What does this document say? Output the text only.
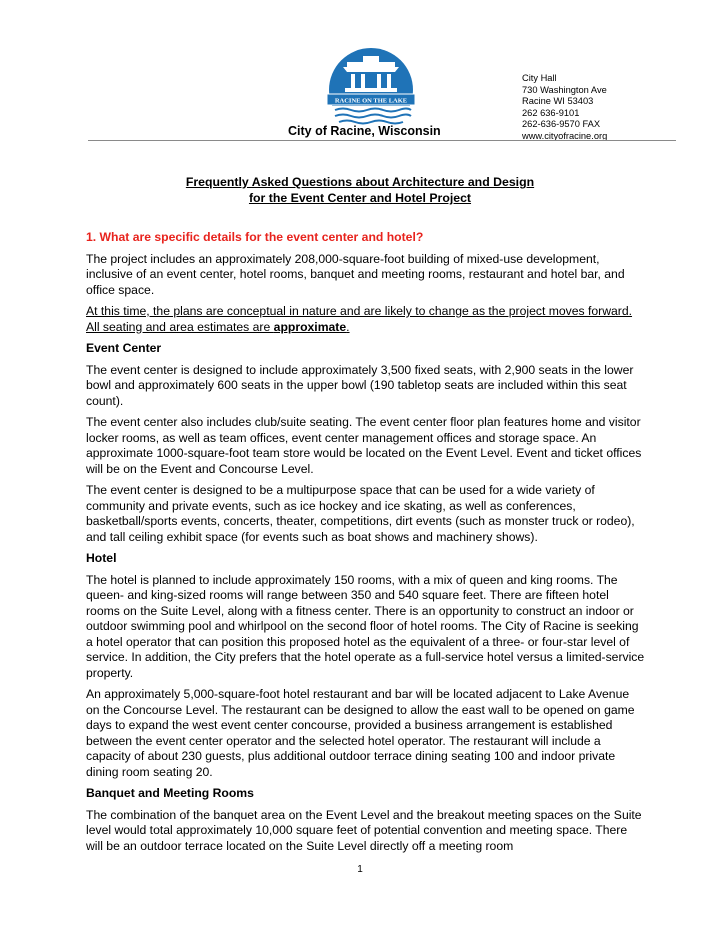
RACINE ON THE LAKE
City of Racine, Wisconsin
City Hall
730 Washington Ave
Racine WI 53403
262 636-9101
262-636-9570 FAX
www.cityofracine.org
Frequently Asked Questions about Architecture and Design
for the Event Center and Hotel Project

1. What are specific details for the event center and hotel?

The project includes an approximately 208,000-square-foot building of mixed-use development, inclusive of an event center, hotel rooms, banquet and meeting rooms, restaurant and hotel bar, and office space.

At this time, the plans are conceptual in nature and are likely to change as the project moves forward. All seating and area estimates are approximate.

Event Center

The event center is designed to include approximately 3,500 fixed seats, with 2,900 seats in the lower bowl and approximately 600 seats in the upper bowl (190 tabletop seats are included within this seat count).

The event center also includes club/suite seating. The event center floor plan features home and visitor locker rooms, as well as team offices, event center management offices and storage space. An approximate 1000-square-foot team store would be located on the Event Level. Event and ticket offices will be on the Event and Concourse Level.

The event center is designed to be a multipurpose space that can be used for a wide variety of community and private events, such as ice hockey and ice skating, as well as conferences, basketball/sports events, concerts, theater, competitions, dirt events (such as monster truck or rodeo), and tall ceiling exhibit space (for events such as boat shows and machinery shows).

Hotel

The hotel is planned to include approximately 150 rooms, with a mix of queen and king rooms. The queen- and king-sized rooms will range between 350 and 540 square feet. There are fifteen hotel rooms on the Suite Level, along with a fitness center. There is an opportunity to construct an indoor or outdoor swimming pool and whirlpool on the second floor of hotel rooms. The City of Racine is seeking a hotel operator that can position this proposed hotel as the equivalent of a three- or four-star level of service. In addition, the City prefers that the hotel operate as a full-service hotel versus a limited-service property.

An approximately 5,000-square-foot hotel restaurant and bar will be located adjacent to Lake Avenue on the Concourse Level. The restaurant can be designed to allow the east wall to be opened on game days to expand the west event center concourse, provided a business arrangement is established between the event center operator and the selected hotel operator. The restaurant will include a capacity of about 230 guests, plus additional outdoor terrace dining seating 100 and indoor private dining room seating 20.

Banquet and Meeting Rooms

The combination of the banquet area on the Event Level and the breakout meeting spaces on the Suite level would total approximately 10,000 square feet of potential convention and meeting space. There will be an outdoor terrace located on the Suite Level directly off a meeting room

1
